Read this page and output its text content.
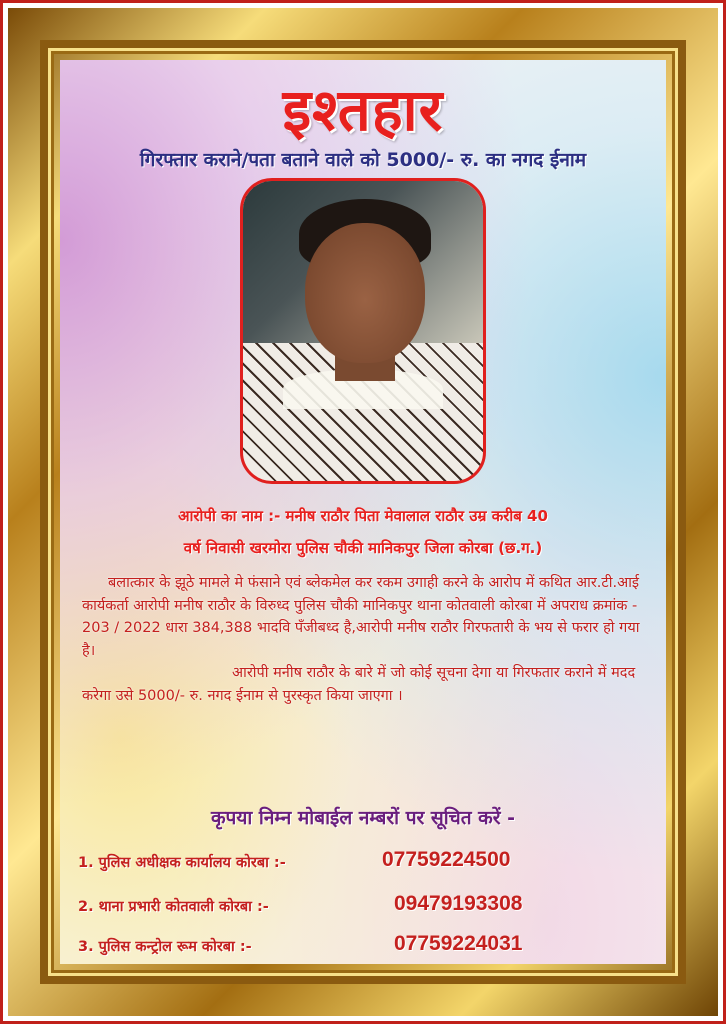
इश्तहार
गिरफ्तार कराने/पता बताने वाले को 5000/- रु. का नगद ईनाम
आरोपी का नाम :- मनीष राठौर पिता मेवालाल राठौर उम्र करीब 40
वर्ष निवासी खरमोरा पुलिस चौकी मानिकपुर जिला कोरबा (छ.ग.)

बलात्कार के झूठे मामले मे फंसाने एवं ब्लेकमेल कर रकम उगाही करने के आरोप में कथित आर.टी.आई कार्यकर्ता आरोपी मनीष राठौर के विरुध्द पुलिस चौकी मानिकपुर थाना कोतवाली कोरबा में अपराध क्रमांक - 203 / 2022 धारा 384,388 भादवि पँजीबध्द है,आरोपी मनीष राठौर गिरफतारी के भय से फरार हो गया है।

आरोपी मनीष राठौर के बारे में जो कोई सूचना देगा या गिरफतार कराने में मदद करेगा उसे 5000/- रु. नगद ईनाम से पुरस्कृत किया जाएगा ।

कृपया निम्न मोबाईल नम्बरों पर सूचित करें -
1. पुलिस अधीक्षक कार्यालय कोरबा :-	07759224500
2. थाना प्रभारी कोतवाली कोरबा :-	09479193308
3. पुलिस कन्ट्रोल रूम कोरबा :-	07759224031
